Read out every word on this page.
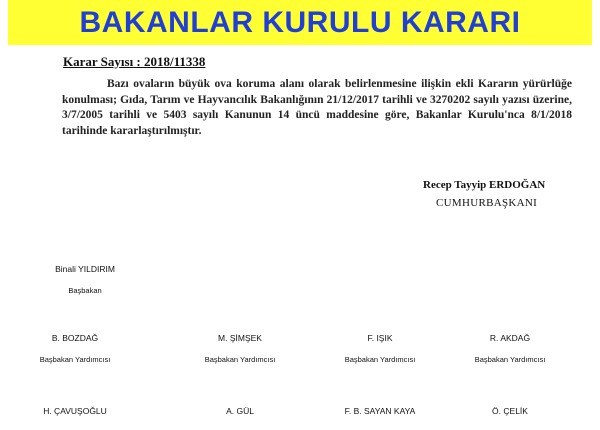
BAKANLAR KURULU KARARI
Karar Sayısı : 2018/11338
Bazı ovaların büyük ova koruma alanı olarak belirlenmesine ilişkin ekli Kararın yürürlüğe konulması; Gıda, Tarım ve Hayvancılık Bakanlığının 21/12/2017 tarihli ve 3270202 sayılı yazısı üzerine, 3/7/2005 tarihli ve 5403 sayılı Kanunun 14 üncü maddesine göre, Bakanlar Kurulu'nca 8/1/2018 tarihinde kararlaştırılmıştır.
Recep Tayyip ERDOĞAN
CUMHURBAŞKANI
Binali YILDIRIM
Başbakan
B. BOZDAĞ
Başbakan Yardımcısı
M. ŞİMŞEK
Başbakan Yardımcısı
F. IŞIK
Başbakan Yardımcısı
R. AKDAĞ
Başbakan Yardımcısı
H. ÇAVUŞOĞLU	A. GÜL	F. B. SAYAN KAYA	Ö. ÇELİK
